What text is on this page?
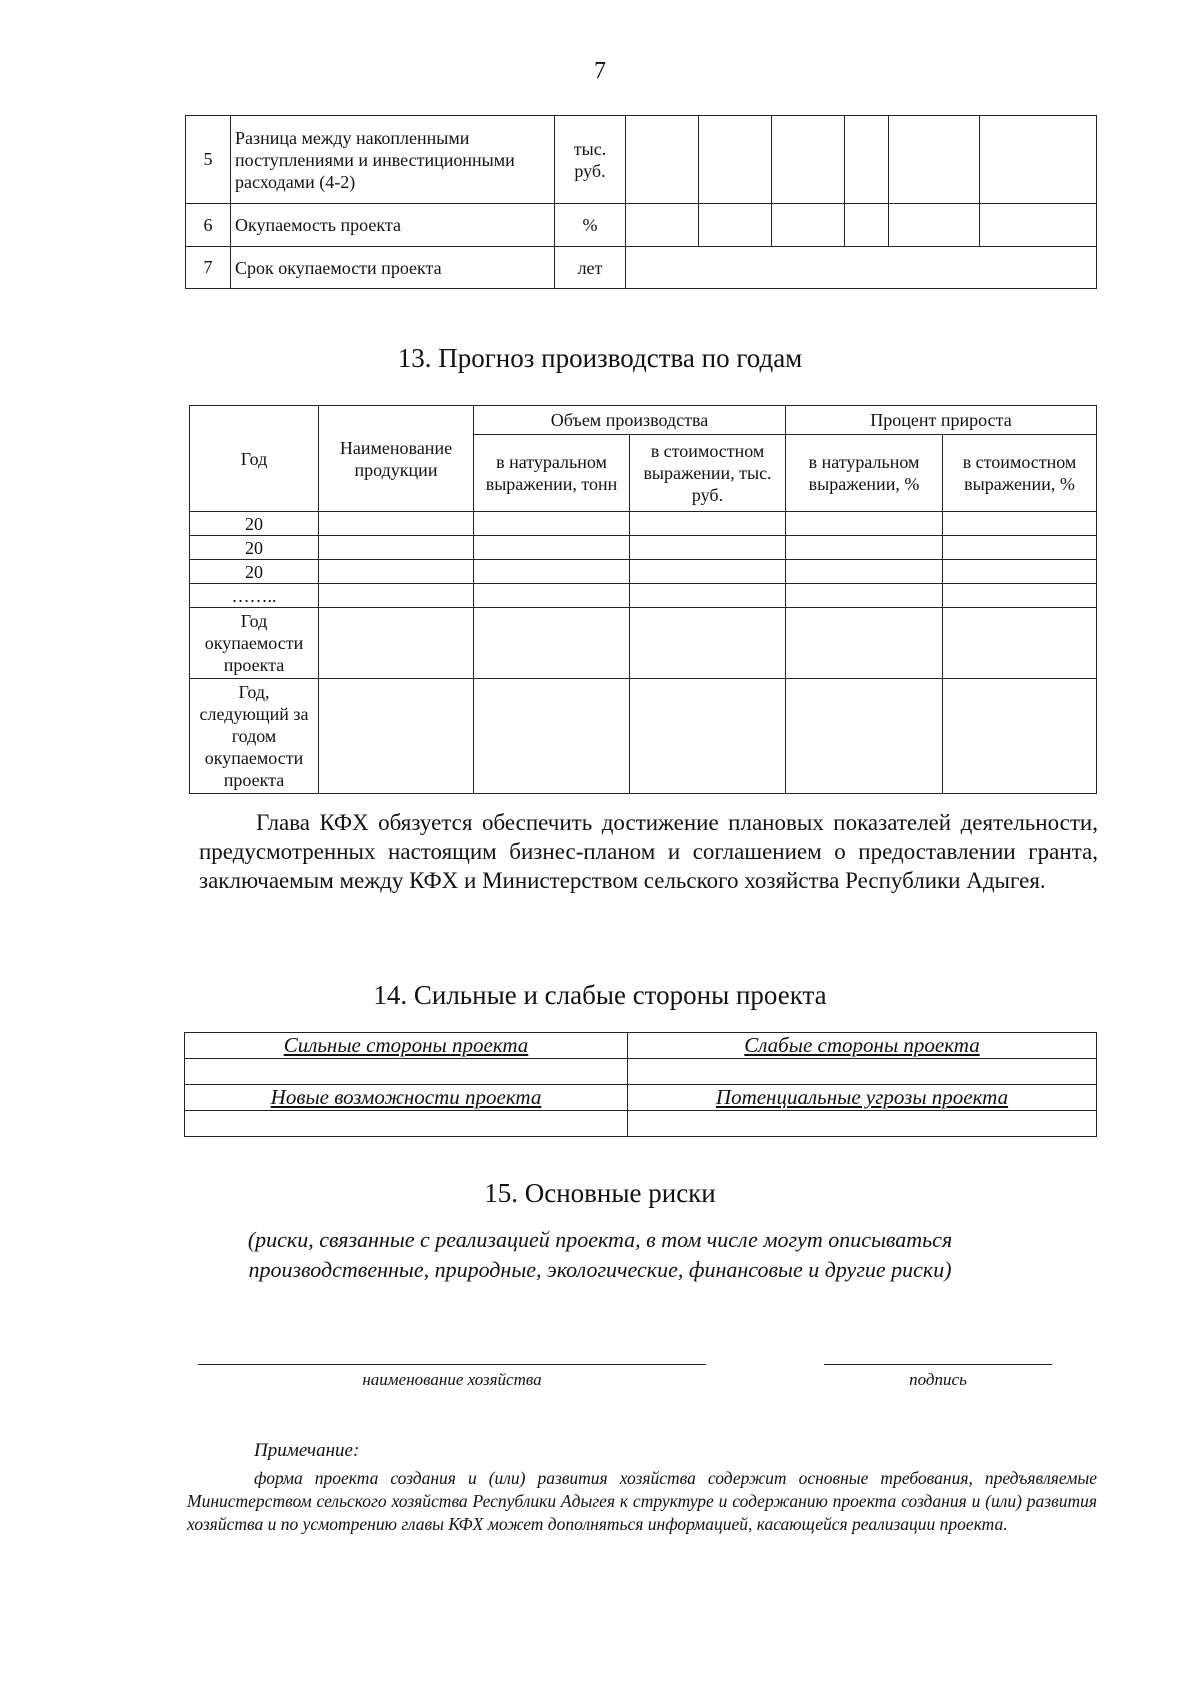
7
5	Разница между накопленными поступлениями и инвестиционными расходами (4-2)	тыс. руб.						
6	Окупаемость проекта	%						
7	Срок окупаемости проекта	лет						
13. Прогноз производства по годам
Год	Наименование продукции	Объем производства		Процент прироста	
		в натуральном выражении, тонн	в стоимостном выражении, тыс. руб.	в натуральном выражении, %	в стоимостном выражении, %
20					
20					
20					
……..					
Год окупаемости проекта					
Год, следующий за годом окупаемости проекта					
Глава КФХ обязуется обеспечить достижение плановых показателей деятельности, предусмотренных настоящим бизнес-планом и соглашением о предоставлении гранта, заключаемым между КФХ и Министерством сельского хозяйства Республики Адыгея.
14. Сильные и слабые стороны проекта
Сильные стороны проекта	Слабые стороны проекта

Новые возможности проекта	Потенциальные угрозы проекта

15. Основные риски
(риски, связанные с реализацией проекта, в том числе могут описываться
производственные, природные, экологические, финансовые и другие риски)
наименование хозяйства	подпись
Примечание:
форма проекта создания и (или) развития хозяйства содержит основные требования, предъявляемые Министерством сельского хозяйства Республики Адыгея к структуре и содержанию проекта создания и (или) развития хозяйства и по усмотрению главы КФХ может дополняться информацией, касающейся реализации проекта.
